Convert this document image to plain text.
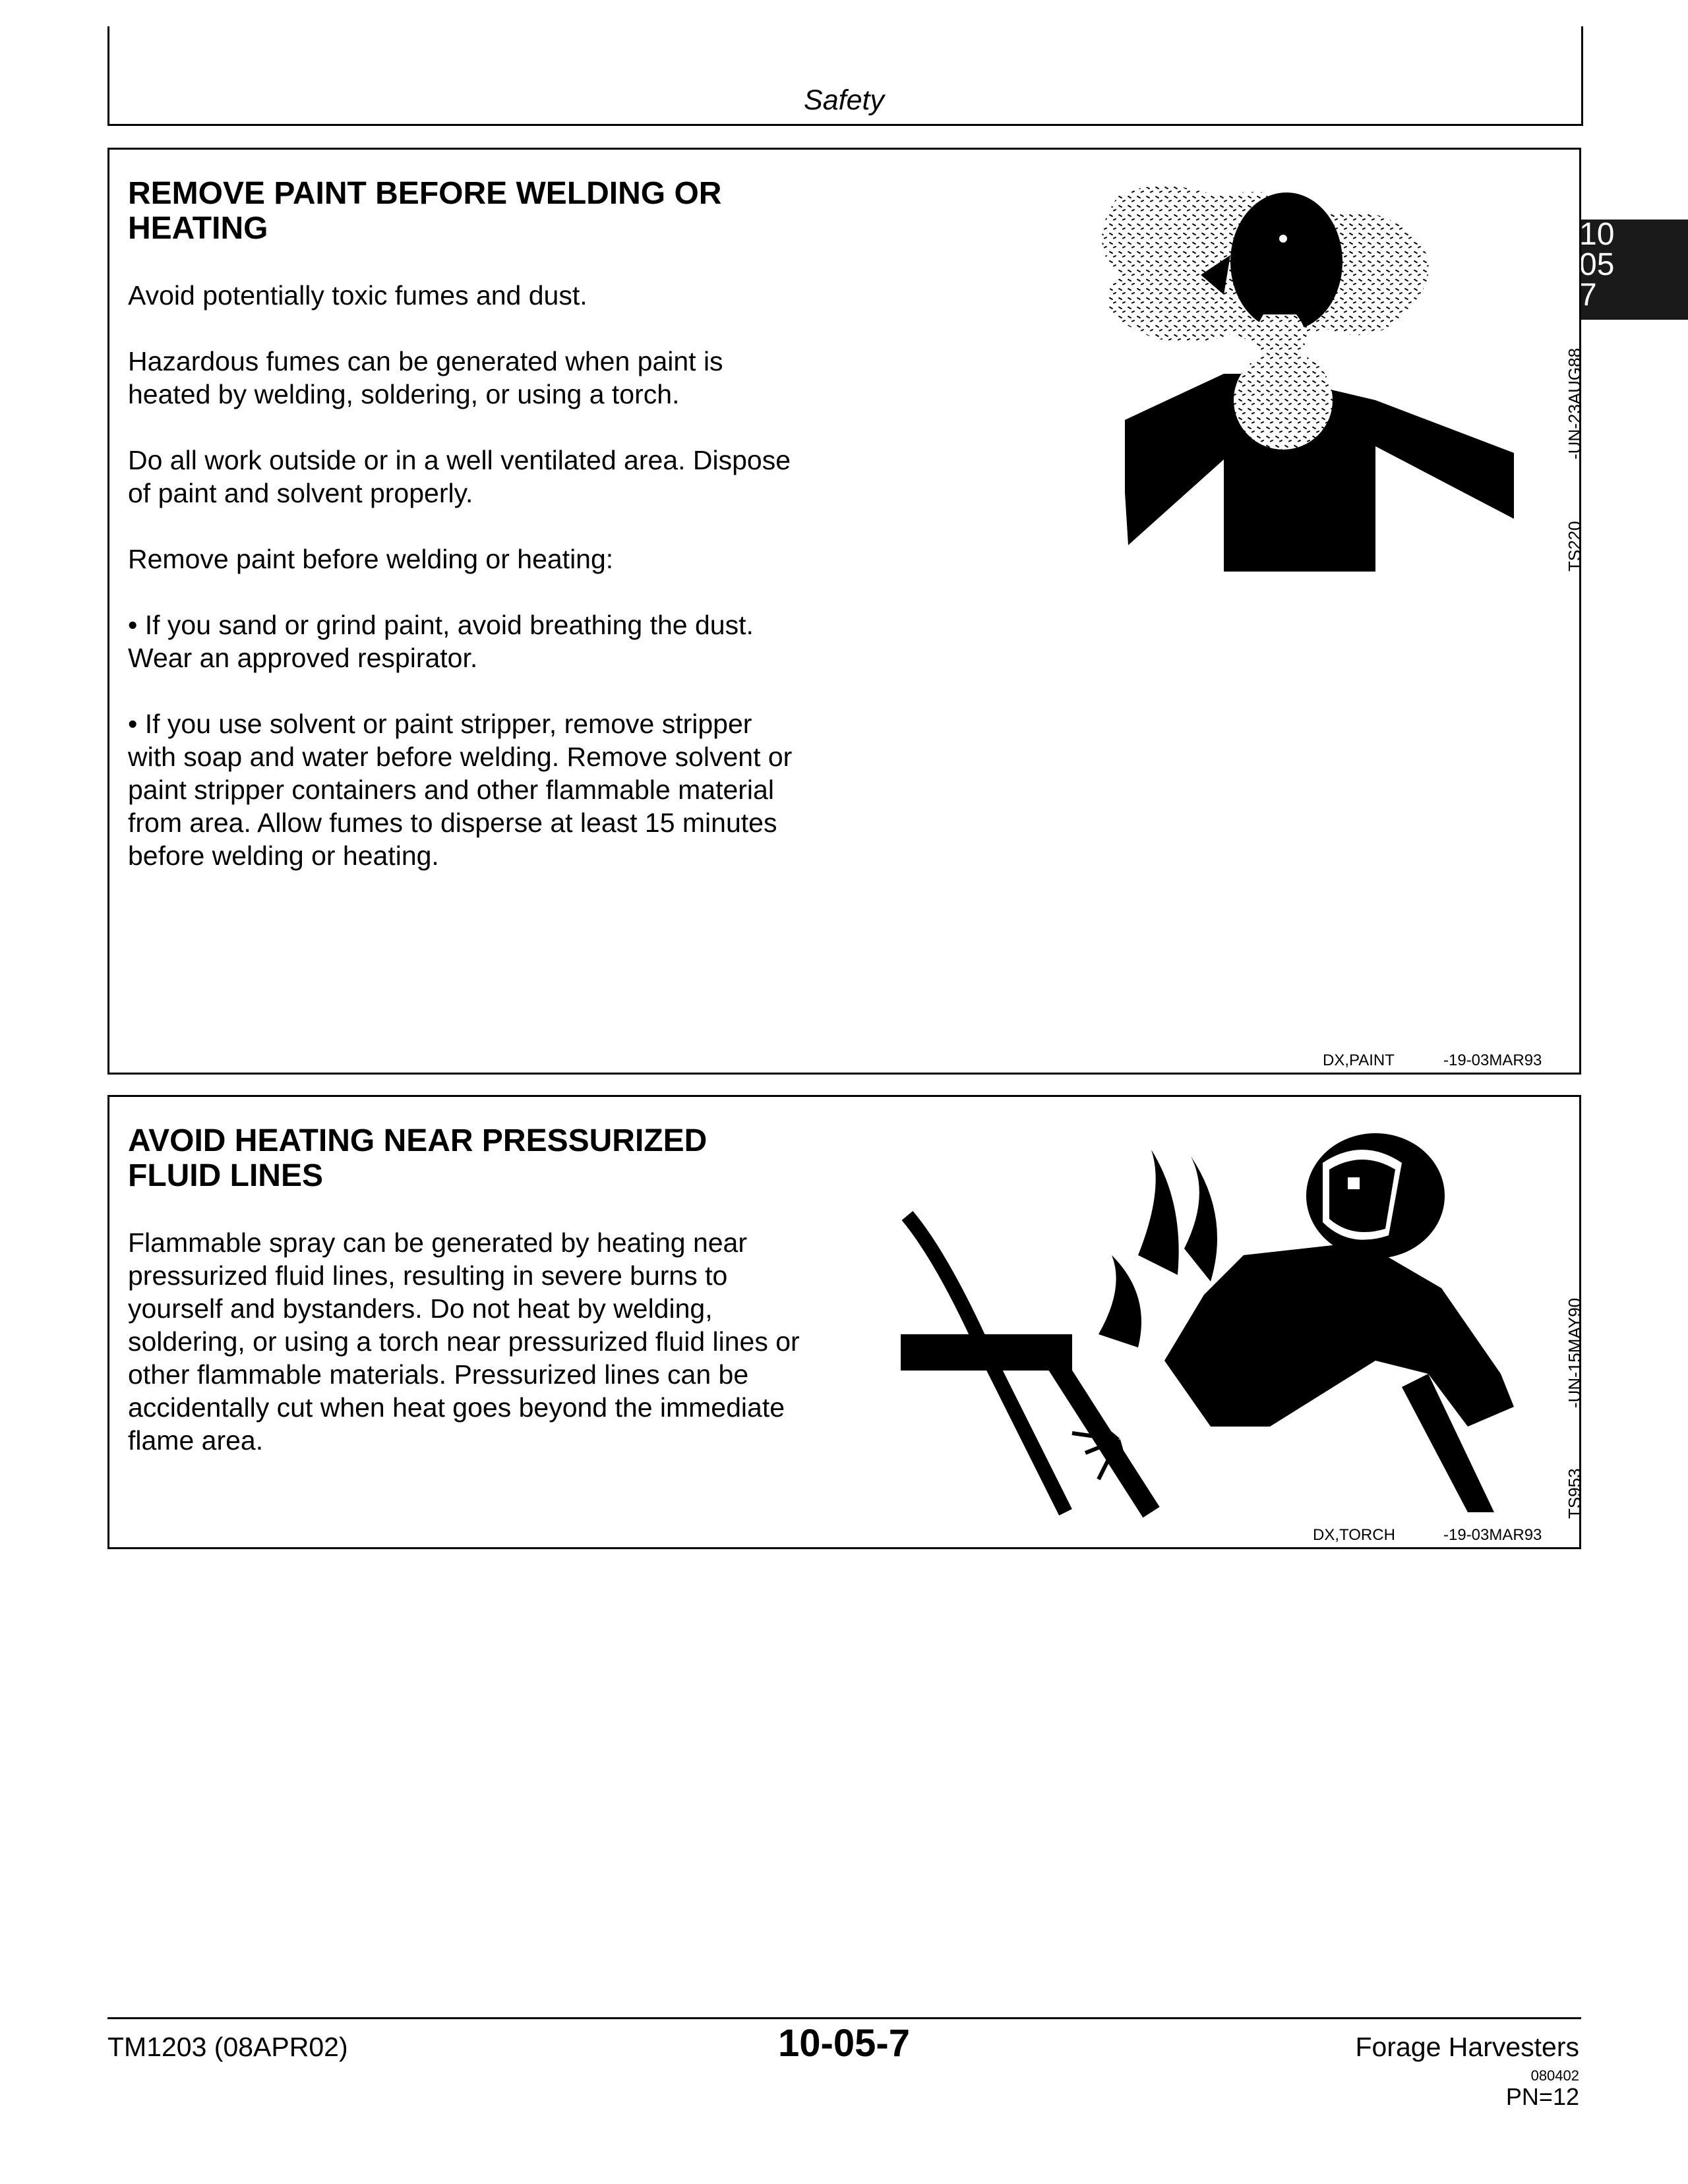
Safety
10
05
7
REMOVE PAINT BEFORE WELDING OR
HEATING

Avoid potentially toxic fumes and dust.

Hazardous fumes can be generated when paint is
heated by welding, soldering, or using a torch.

Do all work outside or in a well ventilated area. Dispose
of paint and solvent properly.

Remove paint before welding or heating:

• If you sand or grind paint, avoid breathing the dust.
Wear an approved respirator.

• If you use solvent or paint stripper, remove stripper
with soap and water before welding. Remove solvent or
paint stripper containers and other flammable material
from area. Allow fumes to disperse at least 15 minutes
before welding or heating.

TS220
-UN-23AUG88
DX,PAINT	-19-03MAR93
AVOID HEATING NEAR PRESSURIZED
FLUID LINES

Flammable spray can be generated by heating near
pressurized fluid lines, resulting in severe burns to
yourself and bystanders. Do not heat by welding,
soldering, or using a torch near pressurized fluid lines or
other flammable materials. Pressurized lines can be
accidentally cut when heat goes beyond the immediate
flame area.

TS953
-UN-15MAY90
DX,TORCH	-19-03MAR93
TM1203 (08APR02)	10-05-7	Forage Harvesters
080402
PN=12
